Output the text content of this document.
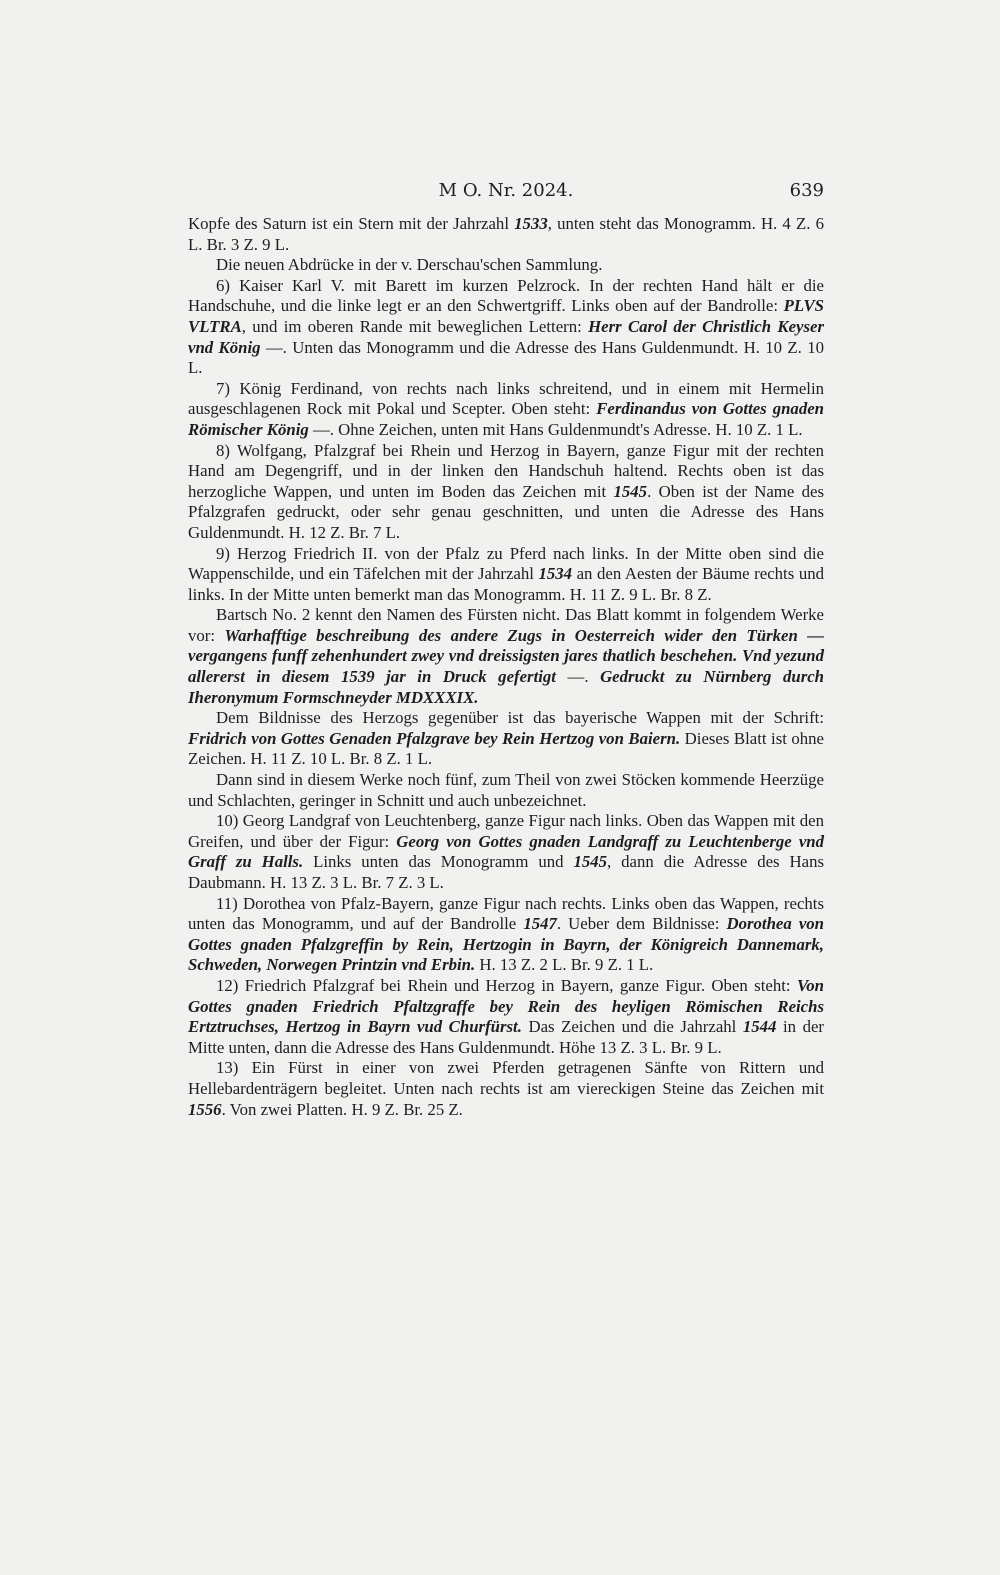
M O. Nr. 2024.	639

Kopfe des Saturn ist ein Stern mit der Jahrzahl 1533, unten steht das Monogramm. H. 4 Z. 6 L. Br. 3 Z. 9 L.

Die neuen Abdrücke in der v. Derschau'schen Sammlung.

6) Kaiser Karl V. mit Barett im kurzen Pelzrock. In der rechten Hand hält er die Handschuhe, und die linke legt er an den Schwertgriff. Links oben auf der Bandrolle: PLVS VLTRA, und im oberen Rande mit beweglichen Lettern: Herr Carol der Christlich Keyser vnd König —. Unten das Monogramm und die Adresse des Hans Guldenmundt. H. 10 Z. 10 L.

7) König Ferdinand, von rechts nach links schreitend, und in einem mit Hermelin ausgeschlagenen Rock mit Pokal und Scepter. Oben steht: Ferdinandus von Gottes gnaden Römischer König —. Ohne Zeichen, unten mit Hans Guldenmundt's Adresse. H. 10 Z. 1 L.

8) Wolfgang, Pfalzgraf bei Rhein und Herzog in Bayern, ganze Figur mit der rechten Hand am Degengriff, und in der linken den Handschuh haltend. Rechts oben ist das herzogliche Wappen, und unten im Boden das Zeichen mit 1545. Oben ist der Name des Pfalzgrafen gedruckt, oder sehr genau geschnitten, und unten die Adresse des Hans Guldenmundt. H. 12 Z. Br. 7 L.

9) Herzog Friedrich II. von der Pfalz zu Pferd nach links. In der Mitte oben sind die Wappenschilde, und ein Täfelchen mit der Jahrzahl 1534 an den Aesten der Bäume rechts und links. In der Mitte unten bemerkt man das Monogramm. H. 11 Z. 9 L. Br. 8 Z.

Bartsch No. 2 kennt den Namen des Fürsten nicht. Das Blatt kommt in folgendem Werke vor: Warhafftige beschreibung des andere Zugs in Oesterreich wider den Türken — vergangens funff zehenhundert zwey vnd dreissigsten jares thatlich beschehen. Vnd yezund allererst in diesem 1539 jar in Druck gefertigt —. Gedruckt zu Nürnberg durch Iheronymum Formschneyder MDXXXIX.

Dem Bildnisse des Herzogs gegenüber ist das bayerische Wappen mit der Schrift: Fridrich von Gottes Genaden Pfalzgrave bey Rein Hertzog von Baiern. Dieses Blatt ist ohne Zeichen. H. 11 Z. 10 L. Br. 8 Z. 1 L.

Dann sind in diesem Werke noch fünf, zum Theil von zwei Stöcken kommende Heerzüge und Schlachten, geringer in Schnitt und auch unbezeichnet.

10) Georg Landgraf von Leuchtenberg, ganze Figur nach links. Oben das Wappen mit den Greifen, und über der Figur: Georg von Gottes gnaden Landgraff zu Leuchtenberge vnd Graff zu Halls. Links unten das Monogramm und 1545, dann die Adresse des Hans Daubmann. H. 13 Z. 3 L. Br. 7 Z. 3 L.

11) Dorothea von Pfalz-Bayern, ganze Figur nach rechts. Links oben das Wappen, rechts unten das Monogramm, und auf der Bandrolle 1547. Ueber dem Bildnisse: Dorothea von Gottes gnaden Pfalzgreffin by Rein, Hertzogin in Bayrn, der Königreich Dannemark, Schweden, Norwegen Printzin vnd Erbin. H. 13 Z. 2 L. Br. 9 Z. 1 L.

12) Friedrich Pfalzgraf bei Rhein und Herzog in Bayern, ganze Figur. Oben steht: Von Gottes gnaden Friedrich Pfaltzgraffe bey Rein des heyligen Römischen Reichs Ertztruchses, Hertzog in Bayrn vud Churfürst. Das Zeichen und die Jahrzahl 1544 in der Mitte unten, dann die Adresse des Hans Guldenmundt. Höhe 13 Z. 3 L. Br. 9 L.

13) Ein Fürst in einer von zwei Pferden getragenen Sänfte von Rittern und Hellebardenträgern begleitet. Unten nach rechts ist am viereckigen Steine das Zeichen mit 1556. Von zwei Platten. H. 9 Z. Br. 25 Z.
